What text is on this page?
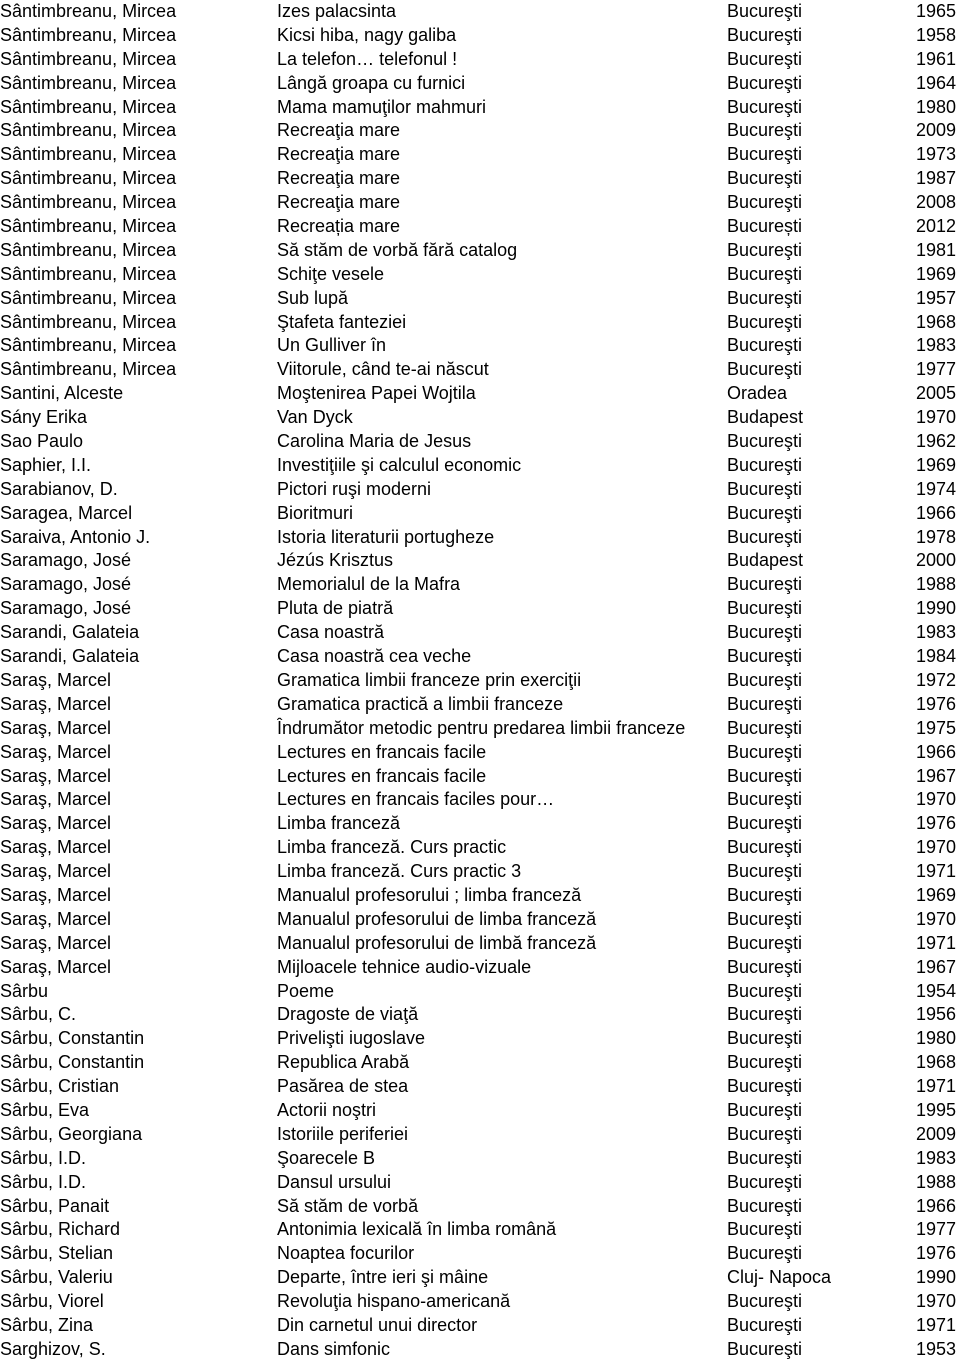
Sântimbreanu, Mircea	Izes palacsinta	Bucureşti	1965
Sântimbreanu, Mircea	Kicsi hiba, nagy galiba	Bucureşti	1958
Sântimbreanu, Mircea	La telefon… telefonul !	Bucureşti	1961
Sântimbreanu, Mircea	Lângă groapa cu furnici	Bucureşti	1964
Sântimbreanu, Mircea	Mama mamuţilor mahmuri	Bucureşti	1980
Sântimbreanu, Mircea	Recreaţia mare	Bucureşti	2009
Sântimbreanu, Mircea	Recreaţia mare	Bucureşti	1973
Sântimbreanu, Mircea	Recreaţia mare	Bucureşti	1987
Sântimbreanu, Mircea	Recreaţia mare	Bucureşti	2008
Sântimbreanu, Mircea	Recreația mare	București	2012
Sântimbreanu, Mircea	Să stăm de vorbă fără catalog	Bucureşti	1981
Sântimbreanu, Mircea	Schiţe vesele	Bucureşti	1969
Sântimbreanu, Mircea	Sub lupă	Bucureşti	1957
Sântimbreanu, Mircea	Ştafeta fanteziei	Bucureşti	1968
Sântimbreanu, Mircea	Un Gulliver în	Bucureşti	1983
Sântimbreanu, Mircea	Viitorule, când te-ai născut	Bucureşti	1977
Santini, Alceste	Moştenirea Papei Wojtila	Oradea	2005
Sány Erika	Van Dyck	Budapest	1970
Sao Paulo	Carolina Maria de Jesus	Bucureşti	1962
Saphier, I.I.	Investiţiile şi calculul economic	Bucureşti	1969
Sarabianov, D.	Pictori ruşi moderni	Bucureşti	1974
Saragea, Marcel	Bioritmuri	Bucureşti	1966
Saraiva, Antonio J.	Istoria literaturii portugheze	Bucureşti	1978
Saramago, José	Jézús Krisztus	Budapest	2000
Saramago, José	Memorialul de la Mafra	Bucureşti	1988
Saramago, José	Pluta de piatră	Bucureşti	1990
Sarandi, Galateia	Casa noastră	Bucureşti	1983
Sarandi, Galateia	Casa noastră cea veche	Bucureşti	1984
Saraş, Marcel	Gramatica limbii franceze prin exerciţii	Bucureşti	1972
Saraş, Marcel	Gramatica practică a limbii franceze	Bucureşti	1976
Saraş, Marcel	Îndrumător metodic pentru predarea limbii franceze	Bucureşti	1975
Saraş, Marcel	Lectures en francais facile	Bucureşti	1966
Saraş, Marcel	Lectures en francais facile	Bucureşti	1967
Saraş, Marcel	Lectures en francais faciles pour…	Bucureşti	1970
Saraş, Marcel	Limba franceză	Bucureşti	1976
Saraş, Marcel	Limba franceză. Curs practic	Bucureşti	1970
Saraş, Marcel	Limba franceză. Curs practic 3	Bucureşti	1971
Saraş, Marcel	Manualul profesorului ; limba franceză	Bucureşti	1969
Saraş, Marcel	Manualul profesorului de limba franceză	Bucureşti	1970
Saraş, Marcel	Manualul profesorului de limbă franceză	Bucureşti	1971
Saraş, Marcel	Mijloacele tehnice audio-vizuale	Bucureşti	1967
Sârbu	Poeme	Bucureşti	1954
Sârbu, C.	Dragoste de viaţă	Bucureşti	1956
Sârbu, Constantin	Privelişti iugoslave	Bucureşti	1980
Sârbu, Constantin	Republica Arabă	Bucureşti	1968
Sârbu, Cristian	Pasărea de stea	Bucureşti	1971
Sârbu, Eva	Actorii noştri	Bucureşti	1995
Sârbu, Georgiana	Istoriile periferiei	Bucureşti	2009
Sârbu, I.D.	Şoarecele B	Bucureşti	1983
Sârbu, I.D.	Dansul ursului	Bucureşti	1988
Sârbu, Panait	Să stăm de vorbă	Bucureşti	1966
Sârbu, Richard	Antonimia lexicală în limba română	Bucureşti	1977
Sârbu, Stelian	Noaptea focurilor	Bucureşti	1976
Sârbu, Valeriu	Departe, între ieri şi mâine	Cluj- Napoca	1990
Sârbu, Viorel	Revoluţia hispano-americană	Bucureşti	1970
Sârbu, Zina	Din carnetul unui director	Bucureşti	1971
Sarghizov, S.	Dans simfonic	Bucureşti	1953
